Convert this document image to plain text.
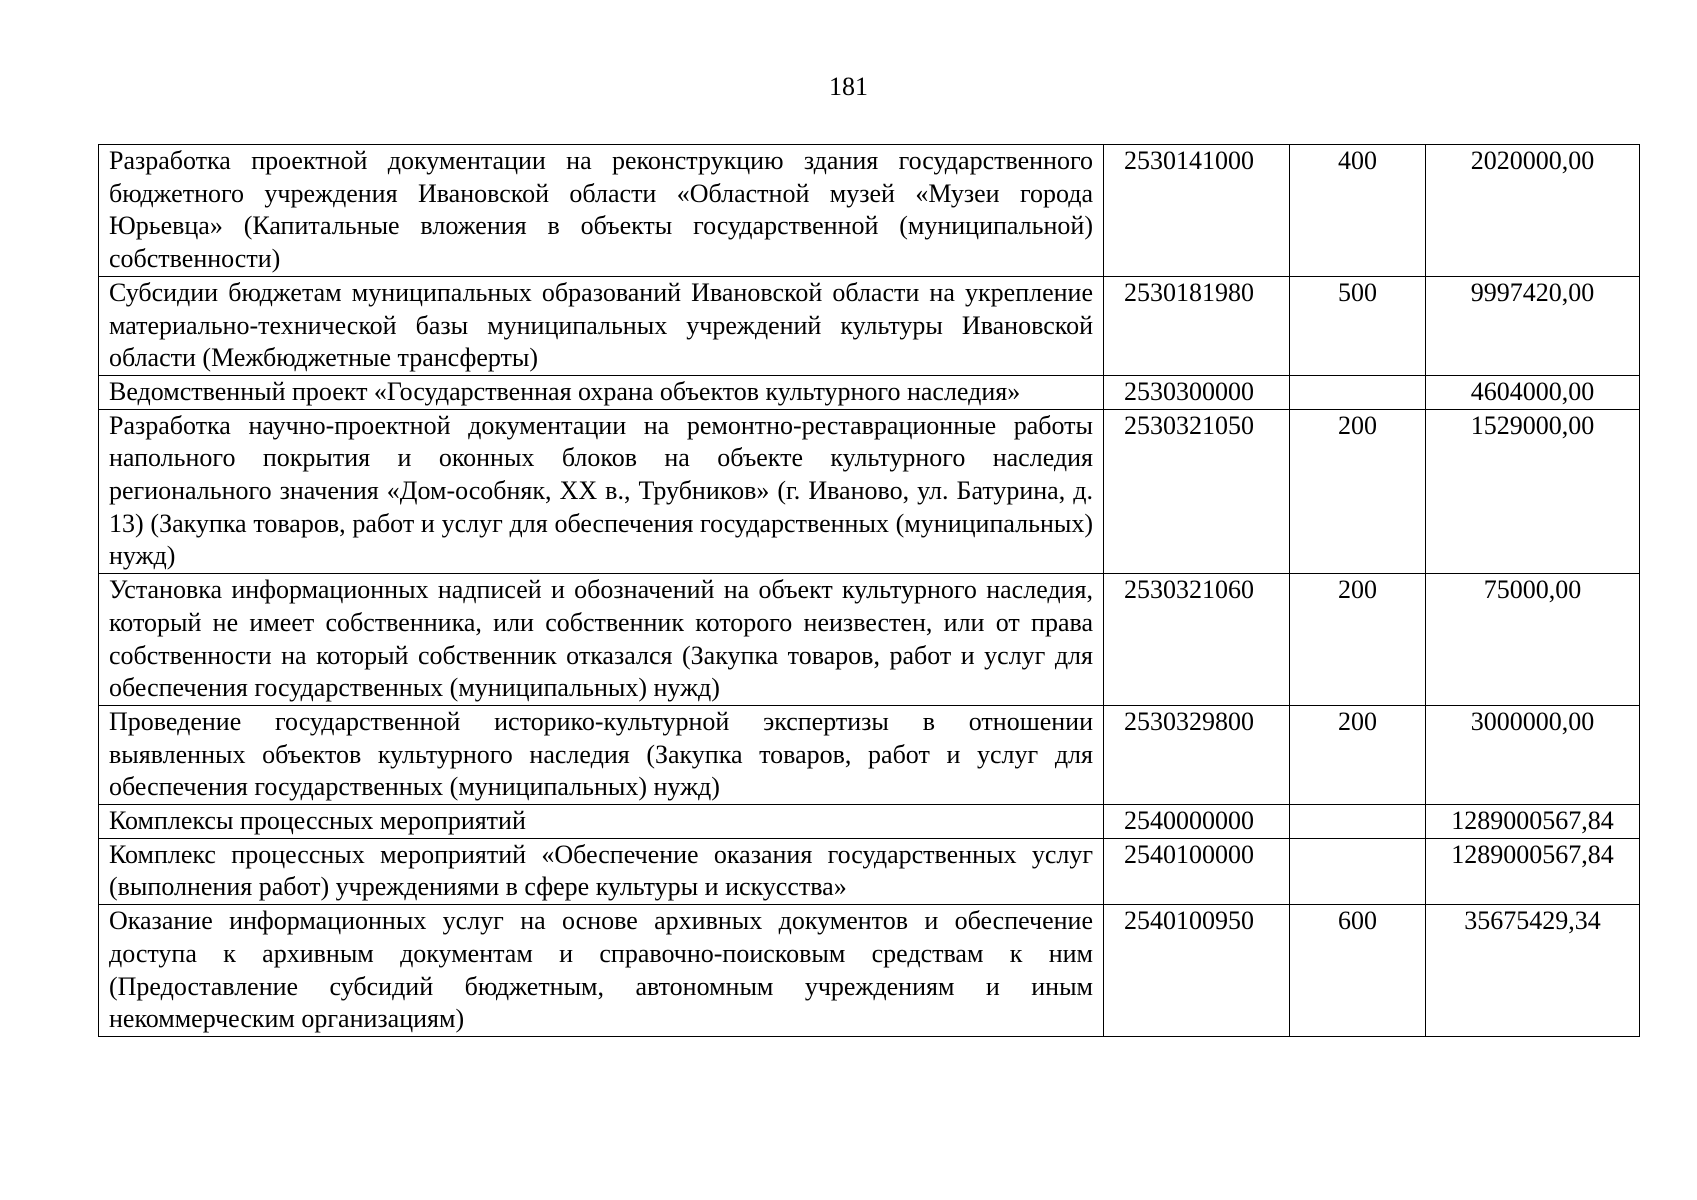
181
Разработка проектной документации на реконструкцию здания государственного бюджетного учреждения Ивановской области «Областной музей «Музеи города Юрьевца» (Капитальные вложения в объекты государственной (муниципальной) собственности)	2530141000	400	2020000,00
Субсидии бюджетам муниципальных образований Ивановской области на укрепление материально-технической базы муниципальных учреждений культуры Ивановской области (Межбюджетные трансферты)	2530181980	500	9997420,00
Ведомственный проект «Государственная охрана объектов культурного наследия»	2530300000		4604000,00
Разработка научно-проектной документации на ремонтно-реставрационные работы напольного покрытия и оконных блоков на объекте культурного наследия регионального значения «Дом-особняк, XX в., Трубников» (г. Иваново, ул. Батурина, д. 13) (Закупка товаров, работ и услуг для обеспечения государственных (муниципальных) нужд)	2530321050	200	1529000,00
Установка информационных надписей и обозначений на объект культурного наследия, который не имеет собственника, или собственник которого неизвестен, или от права собственности на который собственник отказался (Закупка товаров, работ и услуг для обеспечения государственных (муниципальных) нужд)	2530321060	200	75000,00
Проведение государственной историко-культурной экспертизы в отношении выявленных объектов культурного наследия (Закупка товаров, работ и услуг для обеспечения государственных (муниципальных) нужд)	2530329800	200	3000000,00
Комплексы процессных мероприятий	2540000000		1289000567,84
Комплекс процессных мероприятий «Обеспечение оказания государственных услуг (выполнения работ) учреждениями в сфере культуры и искусства»	2540100000		1289000567,84
Оказание информационных услуг на основе архивных документов и обеспечение доступа к архивным документам и справочно-поисковым средствам к ним (Предоставление субсидий бюджетным, автономным учреждениям и иным некоммерческим организациям)	2540100950	600	35675429,34
